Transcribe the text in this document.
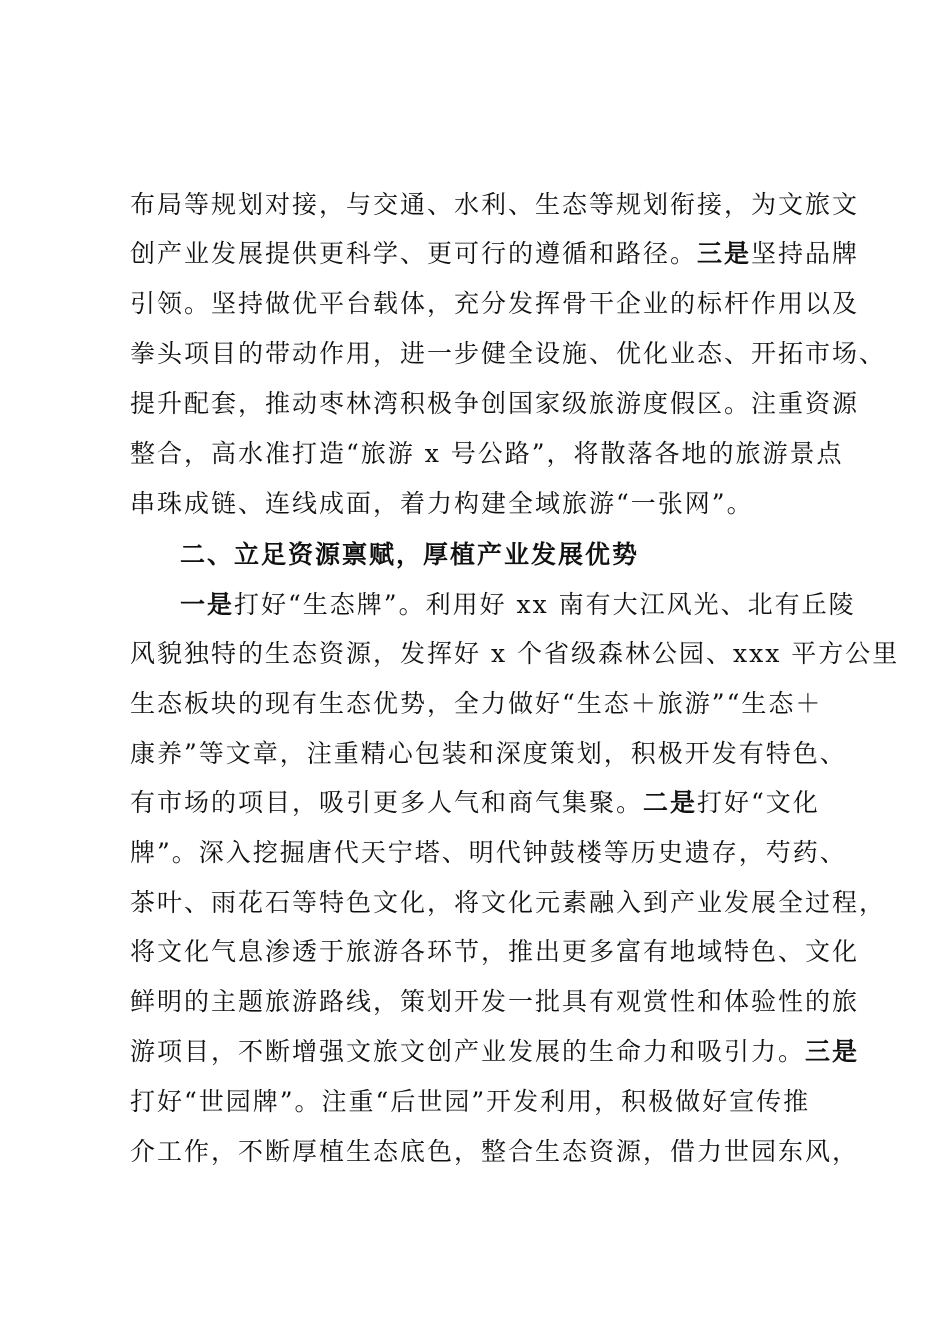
布局等规划对接，与交通、水利、生态等规划衔接，为文旅文
创产业发展提供更科学、更可行的遵循和路径。三是坚持品牌
引领。坚持做优平台载体，充分发挥骨干企业的标杆作用以及
拳头项目的带动作用，进一步健全设施、优化业态、开拓市场、
提升配套，推动枣林湾积极争创国家级旅游度假区。注重资源
整合，高水准打造“旅游 x 号公路”，将散落各地的旅游景点
串珠成链、连线成面，着力构建全域旅游“一张网”。
二、立足资源禀赋，厚植产业发展优势
一是打好“生态牌”。利用好 xx 南有大江风光、北有丘陵
风貌独特的生态资源，发挥好 x 个省级森林公园、xxx 平方公里
生态板块的现有生态优势，全力做好“生态＋旅游”“生态＋
康养”等文章，注重精心包装和深度策划，积极开发有特色、
有市场的项目，吸引更多人气和商气集聚。二是打好“文化
牌”。深入挖掘唐代天宁塔、明代钟鼓楼等历史遗存，芍药、
茶叶、雨花石等特色文化，将文化元素融入到产业发展全过程，
将文化气息渗透于旅游各环节，推出更多富有地域特色、文化
鲜明的主题旅游路线，策划开发一批具有观赏性和体验性的旅
游项目，不断增强文旅文创产业发展的生命力和吸引力。三是
打好“世园牌”。注重“后世园”开发利用，积极做好宣传推
介工作，不断厚植生态底色，整合生态资源，借力世园东风，
